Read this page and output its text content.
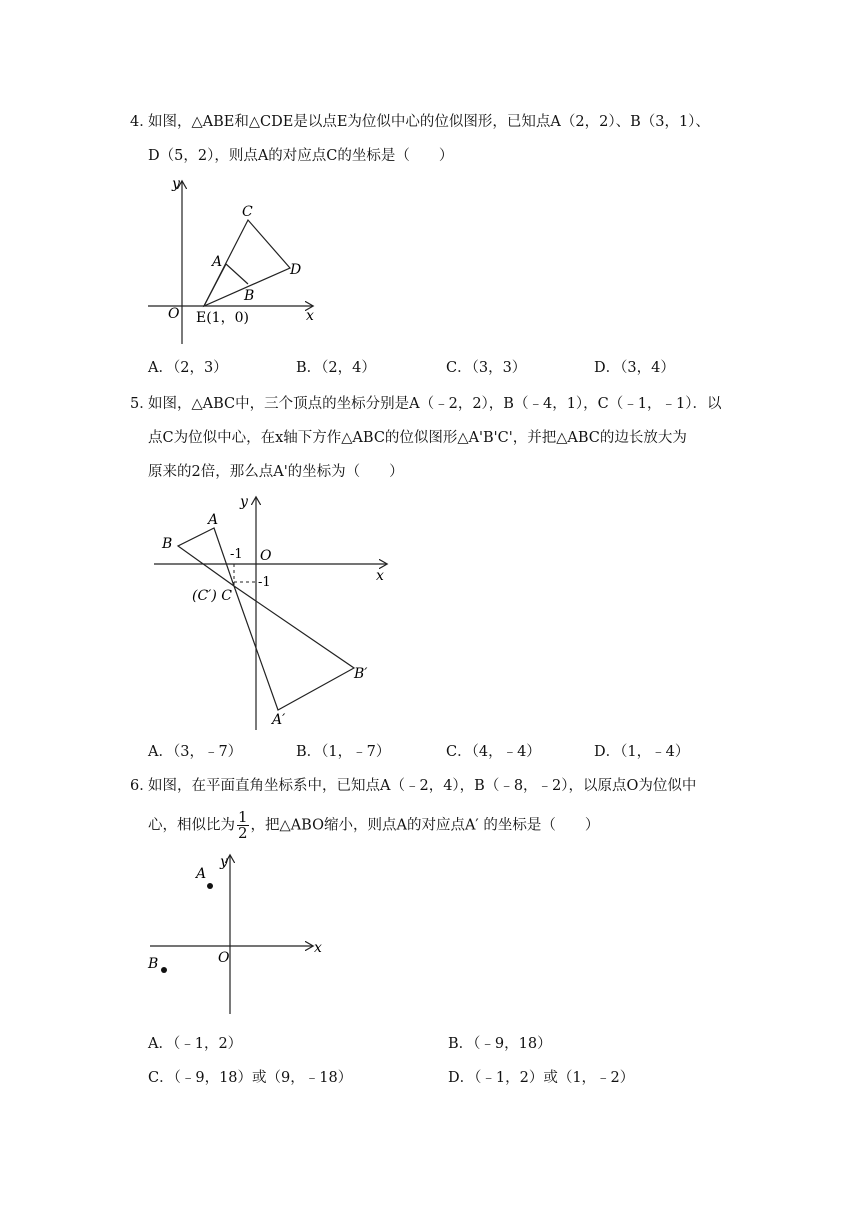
4．
如图，△ABE和△CDE是以点E为位似中心的位似图形，已知点A（2，2）、B（3，1）、
D（5，2），则点A的对应点C的坐标是（　　）
y
x
O
C
A	D
B
E(1，0)
A．（2，3）	B．（2，4）	C．（3，3）	D．（3，4）
5．
如图，△ABC中，三个顶点的坐标分别是A（﹣2，2），B（﹣4，1），C（﹣1，﹣1）．以
点C为位似中心，在x轴下方作△ABC的位似图形△A'B'C'，并把△ABC的边长放大为
原来的2倍，那么点A'的坐标为（　　）
y
x
O
A
B
-1
-1
(C′) C
B′
A′
A．（3，﹣7）	B．（1，﹣7）	C．（4，﹣4）	D．（1，﹣4）
6．
如图，在平面直角坐标系中，已知点A（﹣2，4），B（﹣8，﹣2），以原点O为位似中
心，相似比为 $\frac{1}{2}$ ，把△ABO缩小，则点A的对应点A′ 的坐标是（　　）
y
x
O
A
B
A．（﹣1，2）	B．（﹣9，18）
C．（﹣9，18）或（9，﹣18）	D．（﹣1，2）或（1，﹣2）
